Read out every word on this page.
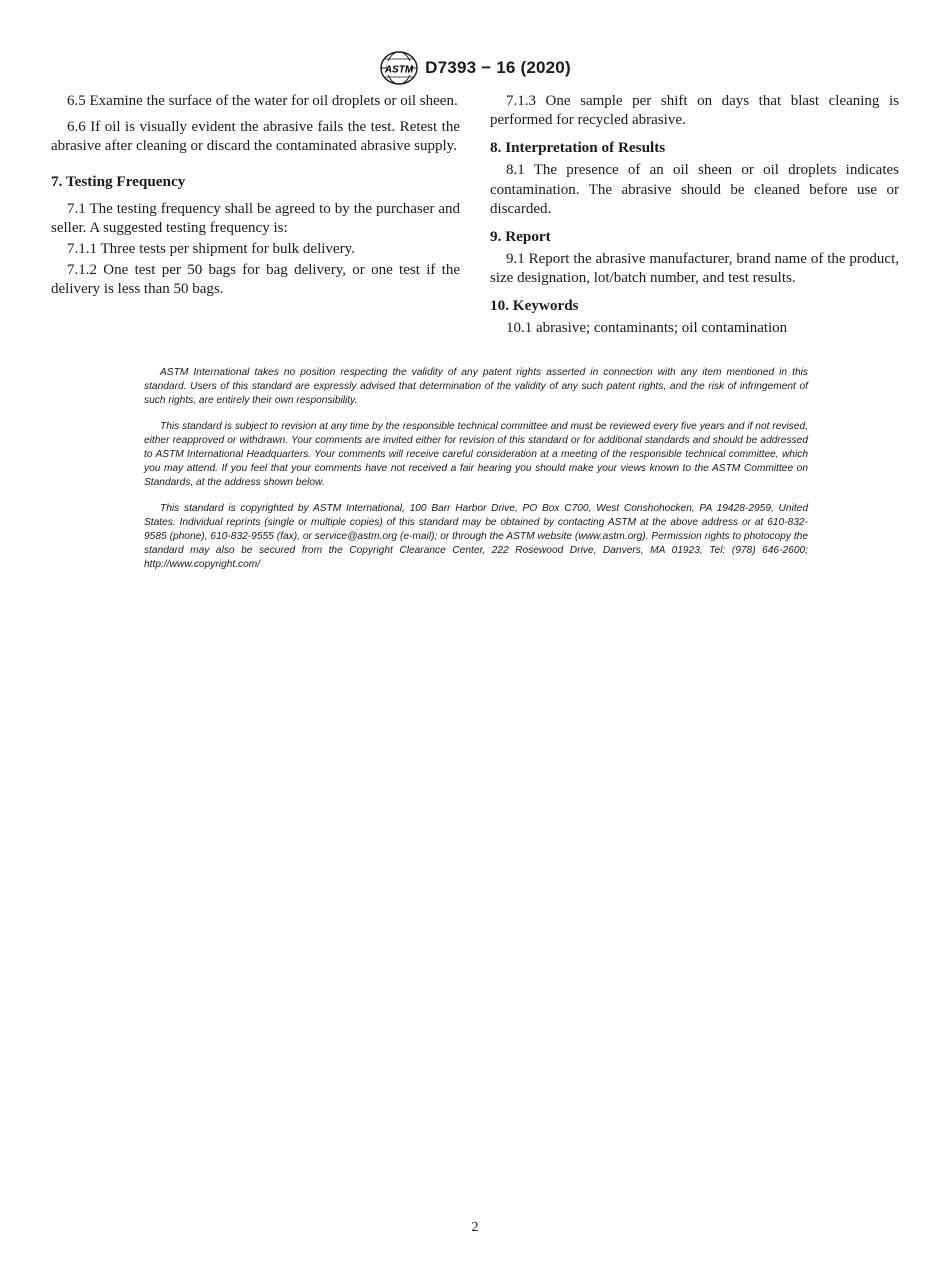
ASTM D7393 − 16 (2020)

6.5 Examine the surface of the water for oil droplets or oil sheen.

6.6 If oil is visually evident the abrasive fails the test. Retest the abrasive after cleaning or discard the contaminated abrasive supply.

7. Testing Frequency

7.1 The testing frequency shall be agreed to by the purchaser and seller. A suggested testing frequency is:

7.1.1 Three tests per shipment for bulk delivery.

7.1.2 One test per 50 bags for bag delivery, or one test if the delivery is less than 50 bags.

7.1.3 One sample per shift on days that blast cleaning is performed for recycled abrasive.

8. Interpretation of Results

8.1 The presence of an oil sheen or oil droplets indicates contamination. The abrasive should be cleaned before use or discarded.

9. Report

9.1 Report the abrasive manufacturer, brand name of the product, size designation, lot/batch number, and test results.

10. Keywords

10.1 abrasive; contaminants; oil contamination

ASTM International takes no position respecting the validity of any patent rights asserted in connection with any item mentioned in this standard. Users of this standard are expressly advised that determination of the validity of any such patent rights, and the risk of infringement of such rights, are entirely their own responsibility.

This standard is subject to revision at any time by the responsible technical committee and must be reviewed every five years and if not revised, either reapproved or withdrawn. Your comments are invited either for revision of this standard or for additional standards and should be addressed to ASTM International Headquarters. Your comments will receive careful consideration at a meeting of the responsible technical committee, which you may attend. If you feel that your comments have not received a fair hearing you should make your views known to the ASTM Committee on Standards, at the address shown below.

This standard is copyrighted by ASTM International, 100 Barr Harbor Drive, PO Box C700, West Conshohocken, PA 19428-2959, United States. Individual reprints (single or multiple copies) of this standard may be obtained by contacting ASTM at the above address or at 610-832-9585 (phone), 610-832-9555 (fax), or service@astm.org (e-mail); or through the ASTM website (www.astm.org). Permission rights to photocopy the standard may also be secured from the Copyright Clearance Center, 222 Rosewood Drive, Danvers, MA 01923, Tel: (978) 646-2600; http://www.copyright.com/

2
